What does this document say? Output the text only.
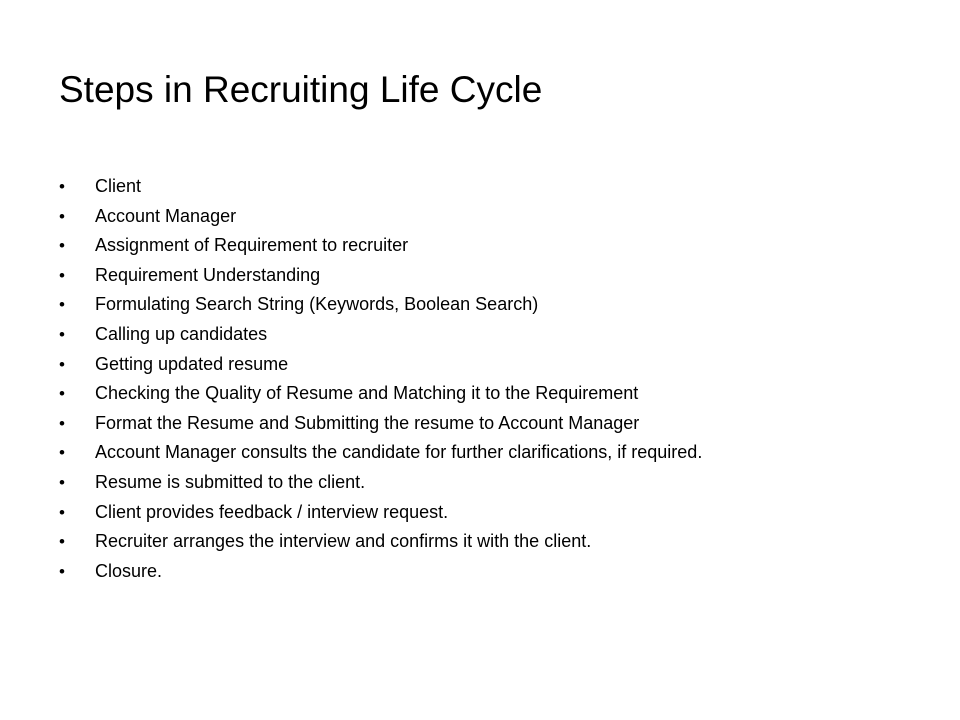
Steps in Recruiting Life Cycle
• Client
• Account Manager
• Assignment of Requirement to recruiter
• Requirement Understanding
• Formulating Search String (Keywords, Boolean Search)
• Calling up candidates
• Getting updated resume
• Checking the Quality of Resume and Matching it to the Requirement
• Format the Resume and Submitting the resume to Account Manager
• Account Manager consults the candidate for further clarifications, if required.
• Resume is submitted to the client.
• Client provides feedback / interview request.
• Recruiter arranges the interview and confirms it with the client.
• Closure.
